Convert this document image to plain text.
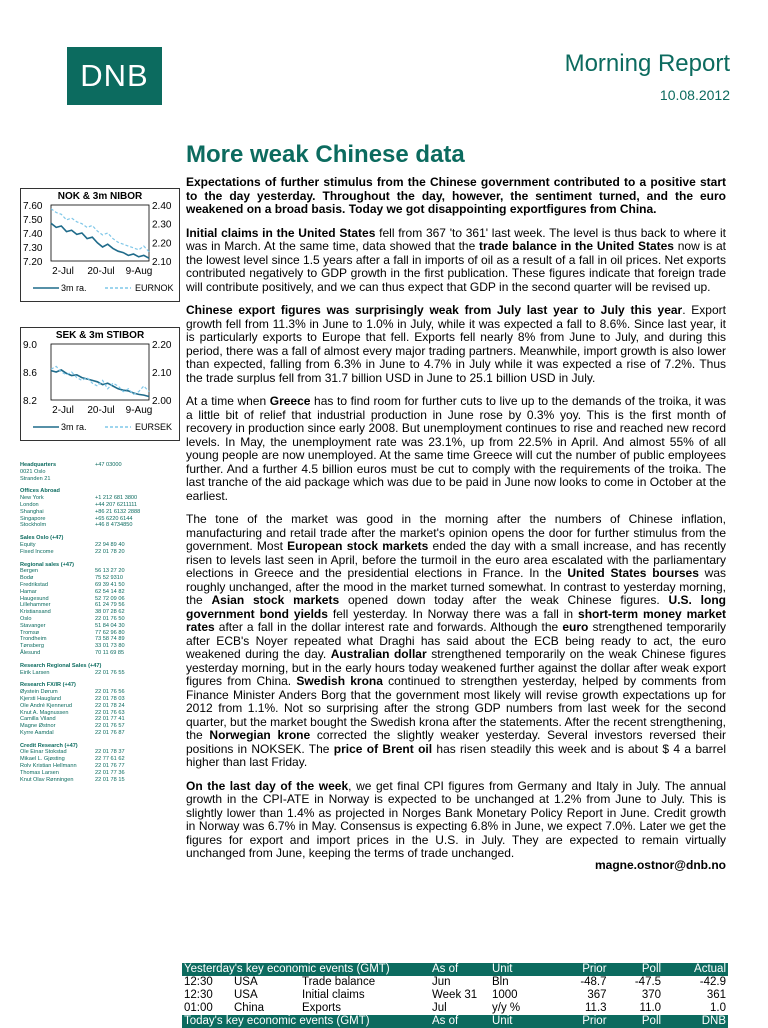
DNB	Morning Report
10.08.2012
More weak Chinese data
NOK & 3m NIBOR
7.60
7.50
7.40
7.30
7.20
2.40
2.30
2.20
2.10
2-Jul 20-Jul 9-Aug
3m ra.	EURNOK
SEK & 3m STIBOR
9.0
8.6
8.2
2.20
2.10
2.00
2-Jul 20-Jul 9-Aug
3m ra.	EURSEK
Headquarters	+47 03000
0021 Oslo
Stranden 21
Offices Abroad
New York	+1 212 681 3800
London	+44 207 6211111
Shanghai	+86 21 6132 2888
Singapore	+65 6220 6144
Stockholm	+46 8 4734850
Sales Oslo (+47)
Equity	22 94 89 40
Fixed Income	22 01 78 20
Regional sales (+47)
Bergen	56 13 27 20
Bodø	75 52 9310
Fredrikstad	69 39 41 50
Hamar	62 54 14 82
Haugesund	52 72 09 06
Lillehammer	61 24 79 56
Kristiansand	38 07 28 62
Oslo	22 01 76 50
Stavanger	51 84 04 30
Tromsø	77 62 96 80
Trondheim	73 58 74 89
Tønsberg	33 01 73 80
Ålesund	70 11 69 85
Research Regional Sales (+47)
Eirik Larsen	22 01 76 55
Research FX/IR (+47)
Øystein Dørum	22 01 76 56
Kjersti Haugland	22 01 78 03
Ole André Kjennerud	22 01 78 24
Knut A. Magnussen	22 01 76 63
Camilla Viland	22 01 77 41
Magne Østnor	22 01 76 57
Kyrre Aamdal	22 01 76 87
Credit Research (+47)
Ole Einar Stokstad	22 01 78 37
Mikael L. Gjøsting	22 77 61 62
Rolv Kristian Hellmann	22 01 76 77
Thomas Larsen	22 01 77 36
Knut Olav Rønningen	22 01 78 15

Expectations of further stimulus from the Chinese government contributed to a positive start to the day yesterday. Throughout the day, however, the sentiment turned, and the euro weakened on a broad basis. Today we got disappointing exportfigures from China.

Initial claims in the United States fell from 367 'to 361' last week. The level is thus back to where it was in March. At the same time, data showed that the trade balance in the United States now is at the lowest level since 1.5 years after a fall in imports of oil as a result of a fall in oil prices. Net exports contributed negatively to GDP growth in the first publication. These figures indicate that foreign trade will contribute positively, and we can thus expect that GDP in the second quarter will be revised up.

Chinese export figures was surprisingly weak from July last year to July this year. Export growth fell from 11.3% in June to 1.0% in July, while it was expected a fall to 8.6%. Since last year, it is particularly exports to Europe that fell. Exports fell nearly 8% from June to July, and during this period, there was a fall of almost every major trading partners. Meanwhile, import growth is also lower than expected, falling from 6.3% in June to 4.7% in July while it was expected a rise of 7.2%. Thus the trade surplus fell from 31.7 billion USD in June to 25.1 billion USD in July.

At a time when Greece has to find room for further cuts to live up to the demands of the troika, it was a little bit of relief that industrial production in June rose by 0.3% yoy. This is the first month of recovery in production since early 2008. But unemployment continues to rise and reached new record levels. In May, the unemployment rate was 23.1%, up from 22.5% in April. And almost 55% of all young people are now unemployed. At the same time Greece will cut the number of public employees further. And a further 4.5 billion euros must be cut to comply with the requirements of the troika. The last tranche of the aid package which was due to be paid in June now looks to come in October at the earliest.

The tone of the market was good in the morning after the numbers of Chinese inflation, manufacturing and retail trade after the market's opinion opens the door for further stimulus from the government. Most European stock markets ended the day with a small increase, and has recently risen to levels last seen in April, before the turmoil in the euro area escalated with the parliamentary elections in Greece and the presidential elections in France. In the United States bourses was roughly unchanged, after the mood in the market turned somewhat. In contrast to yesterday morning, the Asian stock markets opened down today after the weak Chinese figures. U.S. long government bond yields fell yesterday. In Norway there was a fall in short-term money market rates after a fall in the dollar interest rate and forwards. Although the euro strengthened temporarily after ECB's Noyer repeated what Draghi has said about the ECB being ready to act, the euro weakened during the day. Australian dollar strengthened temporarily on the weak Chinese figures yesterday morning, but in the early hours today weakened further against the dollar after weak export figures from China. Swedish krona continued to strengthen yesterday, helped by comments from Finance Minister Anders Borg that the government most likely will revise growth expectations up for 2012 from 1.1%. Not so surprising after the strong GDP numbers from last week for the second quarter, but the market bought the Swedish krona after the statements. After the recent strengthening, the Norwegian krone corrected the slightly weaker yesterday. Several investors reversed their positions in NOKSEK. The price of Brent oil has risen steadily this week and is about $ 4 a barrel higher than last Friday.

On the last day of the week, we get final CPI figures from Germany and Italy in July. The annual growth in the CPI-ATE in Norway is expected to be unchanged at 1.2% from June to July. This is slightly lower than 1.4% as projected in Norges Bank Monetary Policy Report in June. Credit growth in Norway was 6.7% in May. Consensus is expecting 6.8% in June, we expect 7.0%. Later we get the figures for export and import prices in the U.S. in July. They are expected to remain virtually unchanged from June, keeping the terms of trade unchanged.

magne.ostnor@dnb.no
Yesterday's key economic events (GMT)			As of	Unit	Prior	Poll	Actual
12:30	USA	Trade balance	Jun	Bln	-48.7	-47.5	-42.9
12:30	USA	Initial claims	Week 31	1000	367	370	361
01:00	China	Exports	Jul	y/y %	11.3	11.0	1.0
Today's key economic events (GMT)			As of	Unit	Prior	Poll	DNB
